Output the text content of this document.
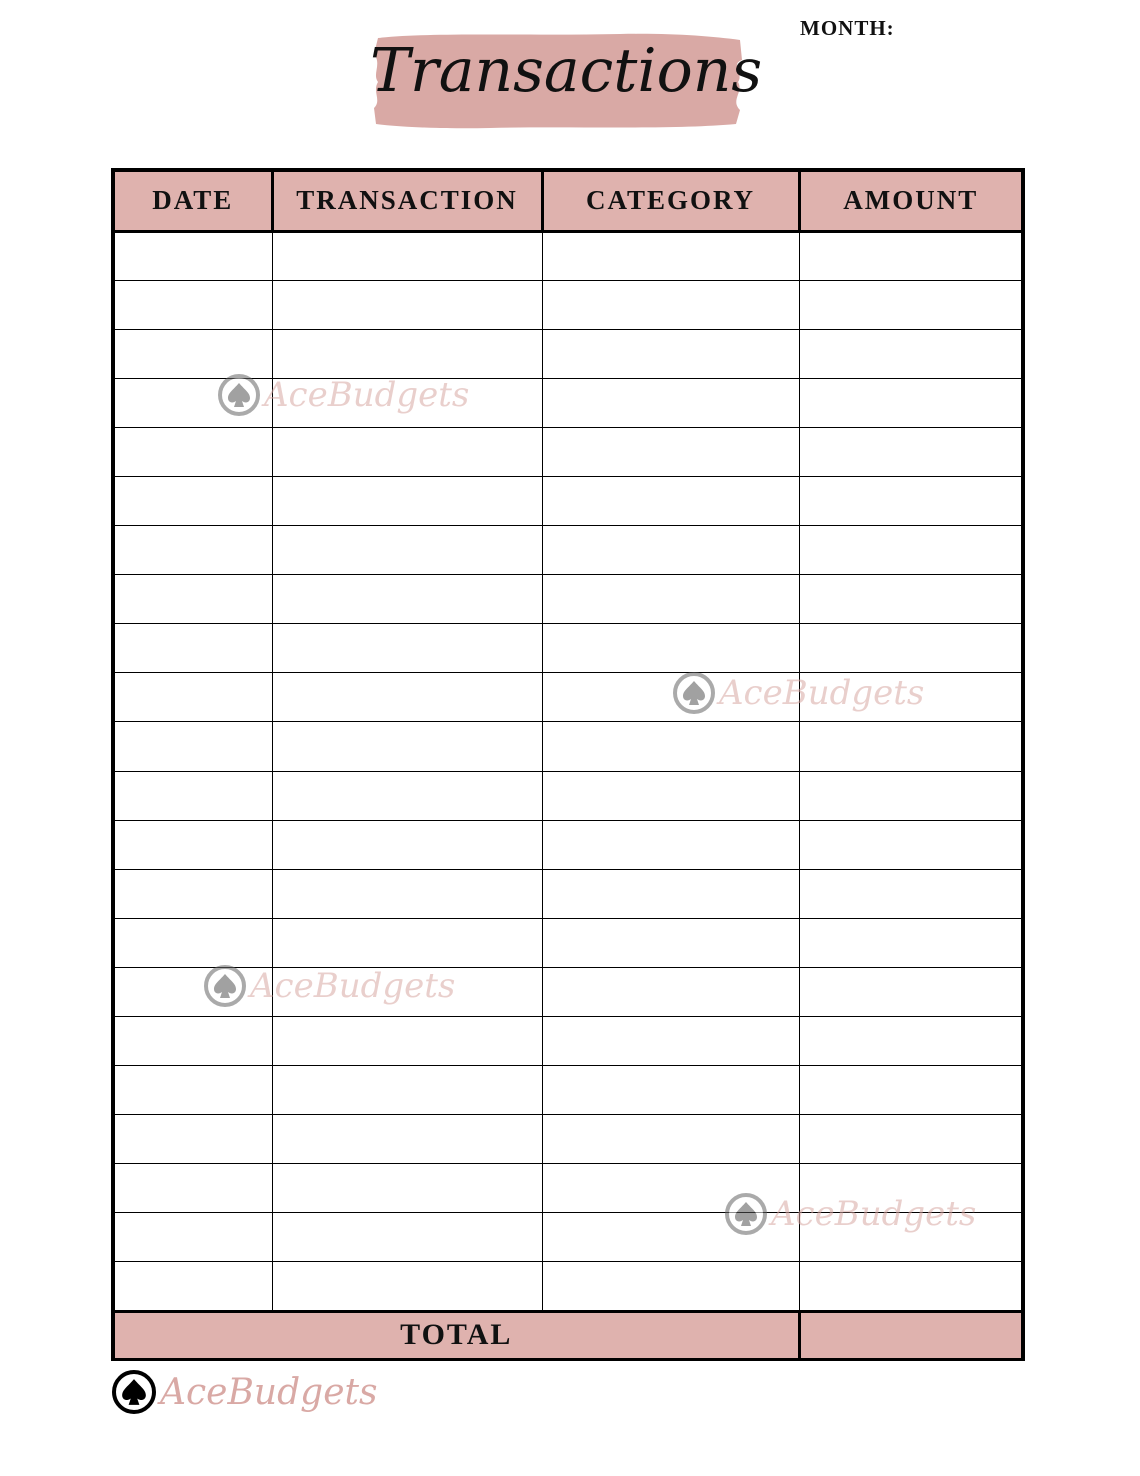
MONTH:
Transactions
DATE	TRANSACTION	CATEGORY	AMOUNT

TOTAL			
AceBudgets
AceBudgets
AceBudgets
AceBudgets
AceBudgets
